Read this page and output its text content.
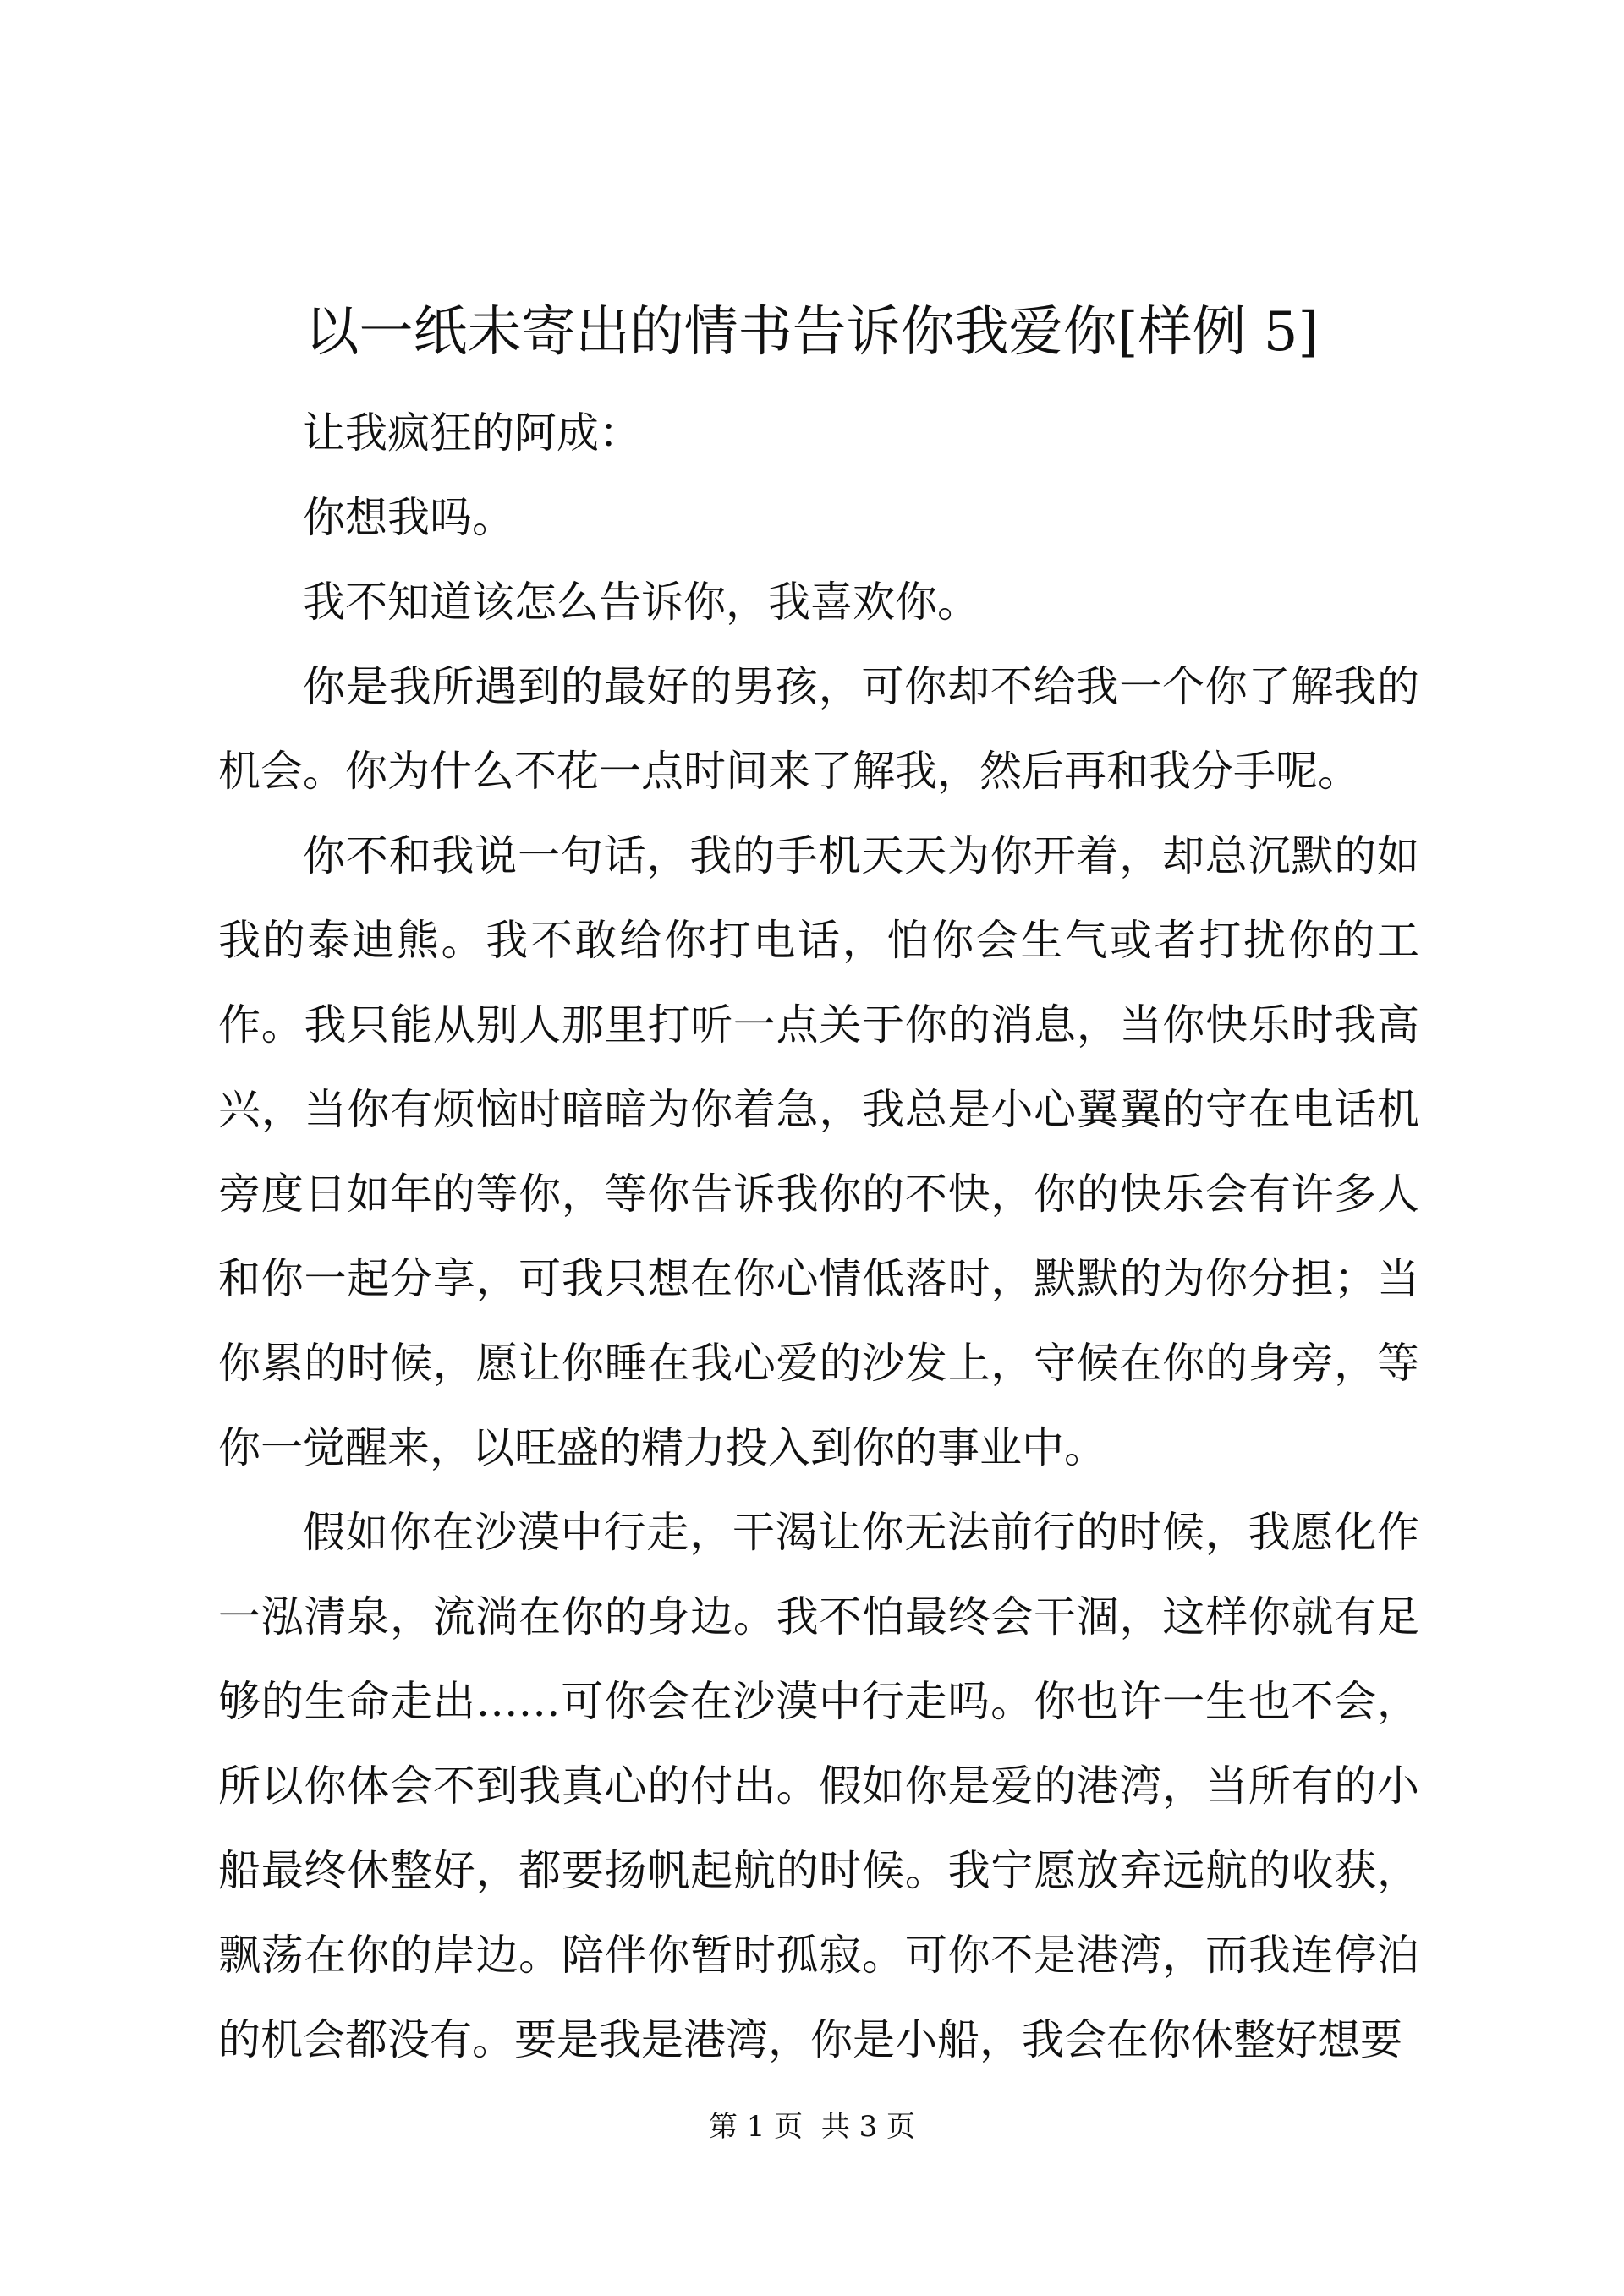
以一纸未寄出的情书告诉你我爱你[样例 5]

让我疯狂的阿成：

你想我吗。

我不知道该怎么告诉你，我喜欢你。

你是我所遇到的最好的男孩，可你却不给我一个你了解我的机会。你为什么不花一点时间来了解我，然后再和我分手呢。

你不和我说一句话，我的手机天天为你开着，却总沉默的如我的泰迪熊。我不敢给你打电话，怕你会生气或者打扰你的工作。我只能从别人那里打听一点关于你的消息，当你快乐时我高兴，当你有烦恼时暗暗为你着急，我总是小心翼翼的守在电话机旁度日如年的等你，等你告诉我你的不快，你的快乐会有许多人和你一起分享，可我只想在你心情低落时，默默的为你分担；当你累的时候，愿让你睡在我心爱的沙发上，守候在你的身旁，等你一觉醒来，以旺盛的精力投入到你的事业中。

假如你在沙漠中行走，干渴让你无法前行的时候，我愿化作一泓清泉，流淌在你的身边。我不怕最终会干涸，这样你就有足够的生命走出……可你会在沙漠中行走吗。你也许一生也不会，所以你体会不到我真心的付出。假如你是爱的港湾，当所有的小船最终休整好，都要扬帆起航的时候。我宁愿放弃远航的收获，飘荡在你的岸边。陪伴你暂时孤寂。可你不是港湾，而我连停泊的机会都没有。要是我是港湾，你是小船，我会在你休整好想要

第 1 页  共 3 页
